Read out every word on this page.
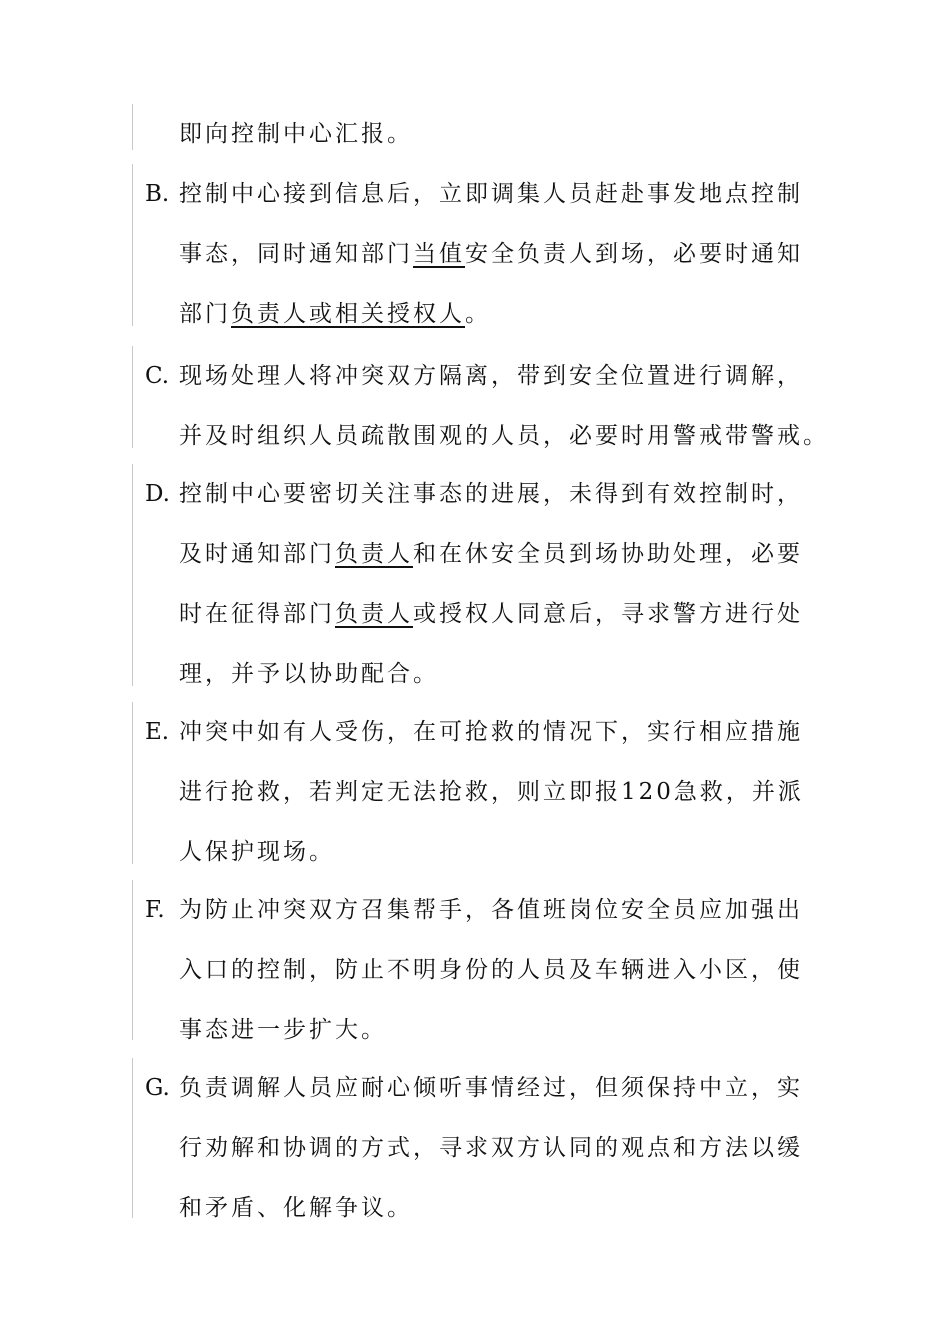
即向控制中心汇报。

B. 控制中心接到信息后，立即调集人员赶赴事发地点控制
事态，同时通知部门当值安全负责人到场，必要时通知
部门负责人或相关授权人。

C. 现场处理人将冲突双方隔离，带到安全位置进行调解，
并及时组织人员疏散围观的人员，必要时用警戒带警戒。

D. 控制中心要密切关注事态的进展，未得到有效控制时，
及时通知部门负责人和在休安全员到场协助处理，必要
时在征得部门负责人或授权人同意后，寻求警方进行处
理，并予以协助配合。

E. 冲突中如有人受伤，在可抢救的情况下，实行相应措施
进行抢救，若判定无法抢救，则立即报120急救，并派
人保护现场。

F. 为防止冲突双方召集帮手，各值班岗位安全员应加强出
入口的控制，防止不明身份的人员及车辆进入小区，使
事态进一步扩大。

G. 负责调解人员应耐心倾听事情经过，但须保持中立，实
行劝解和协调的方式，寻求双方认同的观点和方法以缓
和矛盾、化解争议。
